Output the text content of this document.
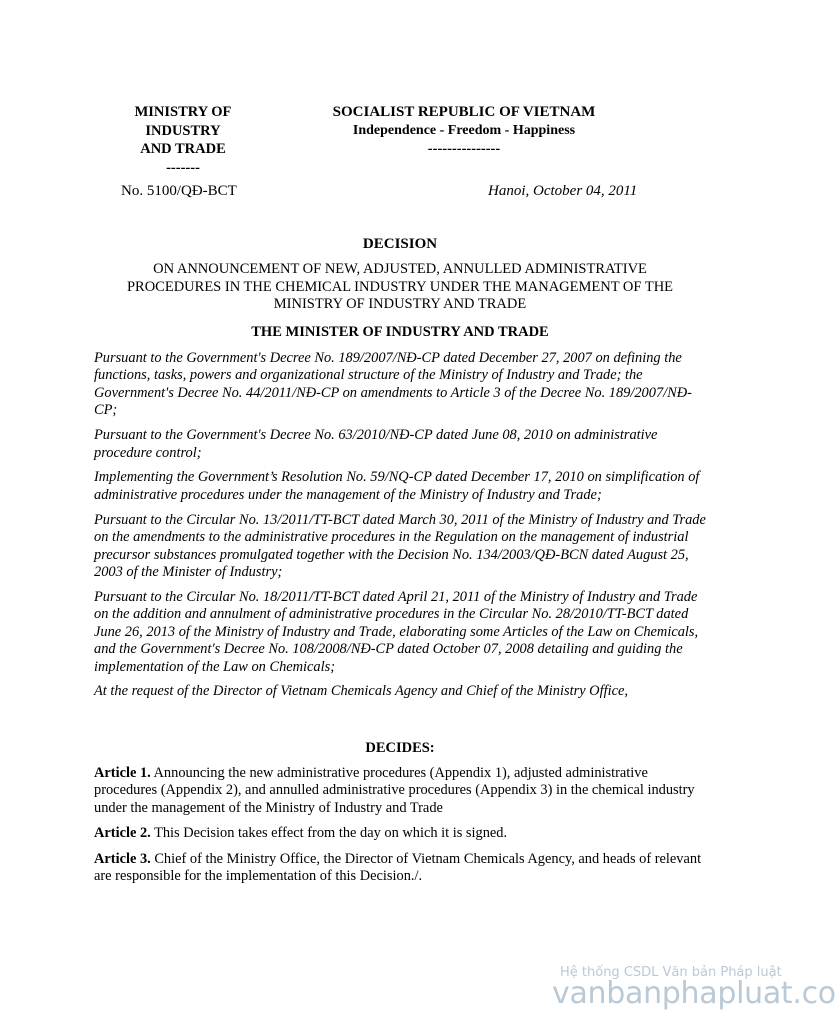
MINISTRY OF
INDUSTRY
AND TRADE
-------
SOCIALIST REPUBLIC OF VIETNAM
Independence - Freedom - Happiness
---------------
No. 5100/QĐ-BCT	Hanoi, October 04, 2011
DECISION
ON ANNOUNCEMENT OF NEW, ADJUSTED, ANNULLED ADMINISTRATIVE
PROCEDURES IN THE CHEMICAL INDUSTRY UNDER THE MANAGEMENT OF THE
MINISTRY OF INDUSTRY AND TRADE
THE MINISTER OF INDUSTRY AND TRADE

Pursuant to the Government's Decree No. 189/2007/NĐ-CP dated December 27, 2007 on defining the functions, tasks, powers and organizational structure of the Ministry of Industry and Trade; the Government's Decree No. 44/2011/NĐ-CP on amendments to Article 3 of the Decree No. 189/2007/NĐ-CP;

Pursuant to the Government's Decree No. 63/2010/NĐ-CP dated June 08, 2010 on administrative procedure control;

Implementing the Government’s Resolution No. 59/NQ-CP dated December 17, 2010 on simplification of administrative procedures under the management of the Ministry of Industry and Trade;

Pursuant to the Circular No. 13/2011/TT-BCT dated March 30, 2011 of the Ministry of Industry and Trade on the amendments to the administrative procedures in the Regulation on the management of industrial precursor substances promulgated together with the Decision No. 134/2003/QĐ-BCN dated August 25, 2003 of the Minister of Industry;

Pursuant to the Circular No. 18/2011/TT-BCT dated April 21, 2011 of the Ministry of Industry and Trade on the addition and annulment of administrative procedures in the Circular No. 28/2010/TT-BCT dated June 26, 2013 of the Ministry of Industry and Trade, elaborating some Articles of the Law on Chemicals, and the Government's Decree No. 108/2008/NĐ-CP dated October 07, 2008 detailing and guiding the implementation of the Law on Chemicals;

At the request of the Director of Vietnam Chemicals Agency and Chief of the Ministry Office,

DECIDES:

Article 1. Announcing the new administrative procedures (Appendix 1), adjusted administrative procedures (Appendix 2), and annulled administrative procedures (Appendix 3) in the chemical industry under the management of the Ministry of Industry and Trade

Article 2. This Decision takes effect from the day on which it is signed.

Article 3. Chief of the Ministry Office, the Director of Vietnam Chemicals Agency, and heads of relevant are responsible for the implementation of this Decision./.

Hệ thống CSDL Văn bản Pháp luật
vanbanphapluat.co
